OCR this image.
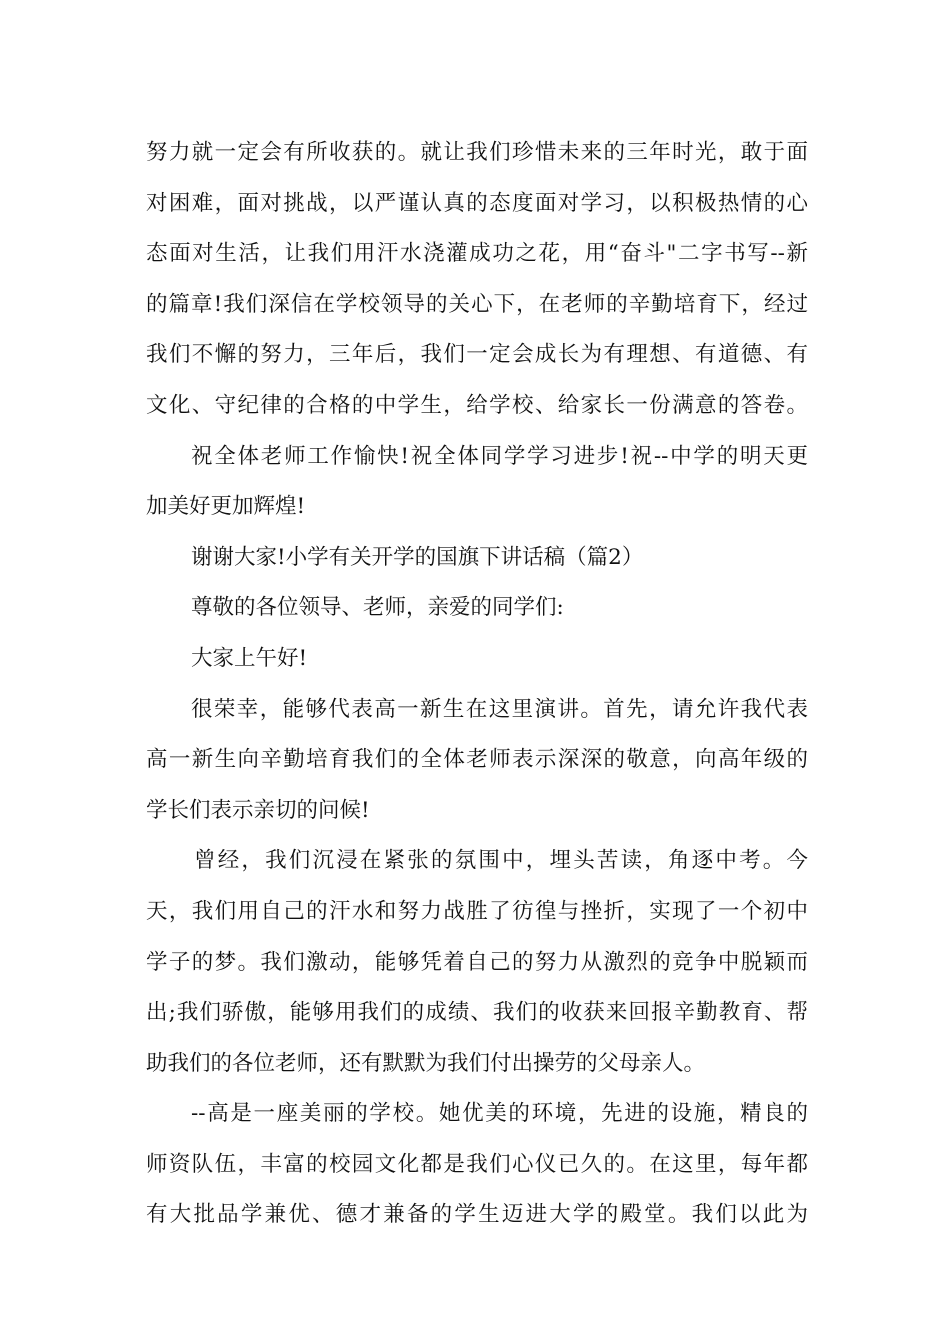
努力就一定会有所收获的。就让我们珍惜未来的三年时光，敢于面
对困难，面对挑战，以严谨认真的态度面对学习，以积极热情的心
态面对生活，让我们用汗水浇灌成功之花，用“奋斗"二字书写--新
的篇章!我们深信在学校领导的关心下，在老师的辛勤培育下，经过
我们不懈的努力，三年后，我们一定会成长为有理想、有道德、有
文化、守纪律的合格的中学生，给学校、给家长一份满意的答卷。
祝全体老师工作愉快!祝全体同学学习进步!祝--中学的明天更
加美好更加辉煌!
谢谢大家!小学有关开学的国旗下讲话稿（篇2）
尊敬的各位领导、老师，亲爱的同学们:
大家上午好!
很荣幸，能够代表高一新生在这里演讲。首先，请允许我代表
高一新生向辛勤培育我们的全体老师表示深深的敬意，向高年级的
学长们表示亲切的问候!
曾经，我们沉浸在紧张的氛围中，埋头苦读，角逐中考。今
天，我们用自己的汗水和努力战胜了彷徨与挫折，实现了一个初中
学子的梦。我们激动，能够凭着自己的努力从激烈的竞争中脱颖而
出;我们骄傲，能够用我们的成绩、我们的收获来回报辛勤教育、帮
助我们的各位老师，还有默默为我们付出操劳的父母亲人。
--高是一座美丽的学校。她优美的环境，先进的设施，精良的
师资队伍，丰富的校园文化都是我们心仪已久的。在这里，每年都
有大批品学兼优、德才兼备的学生迈进大学的殿堂。我们以此为
